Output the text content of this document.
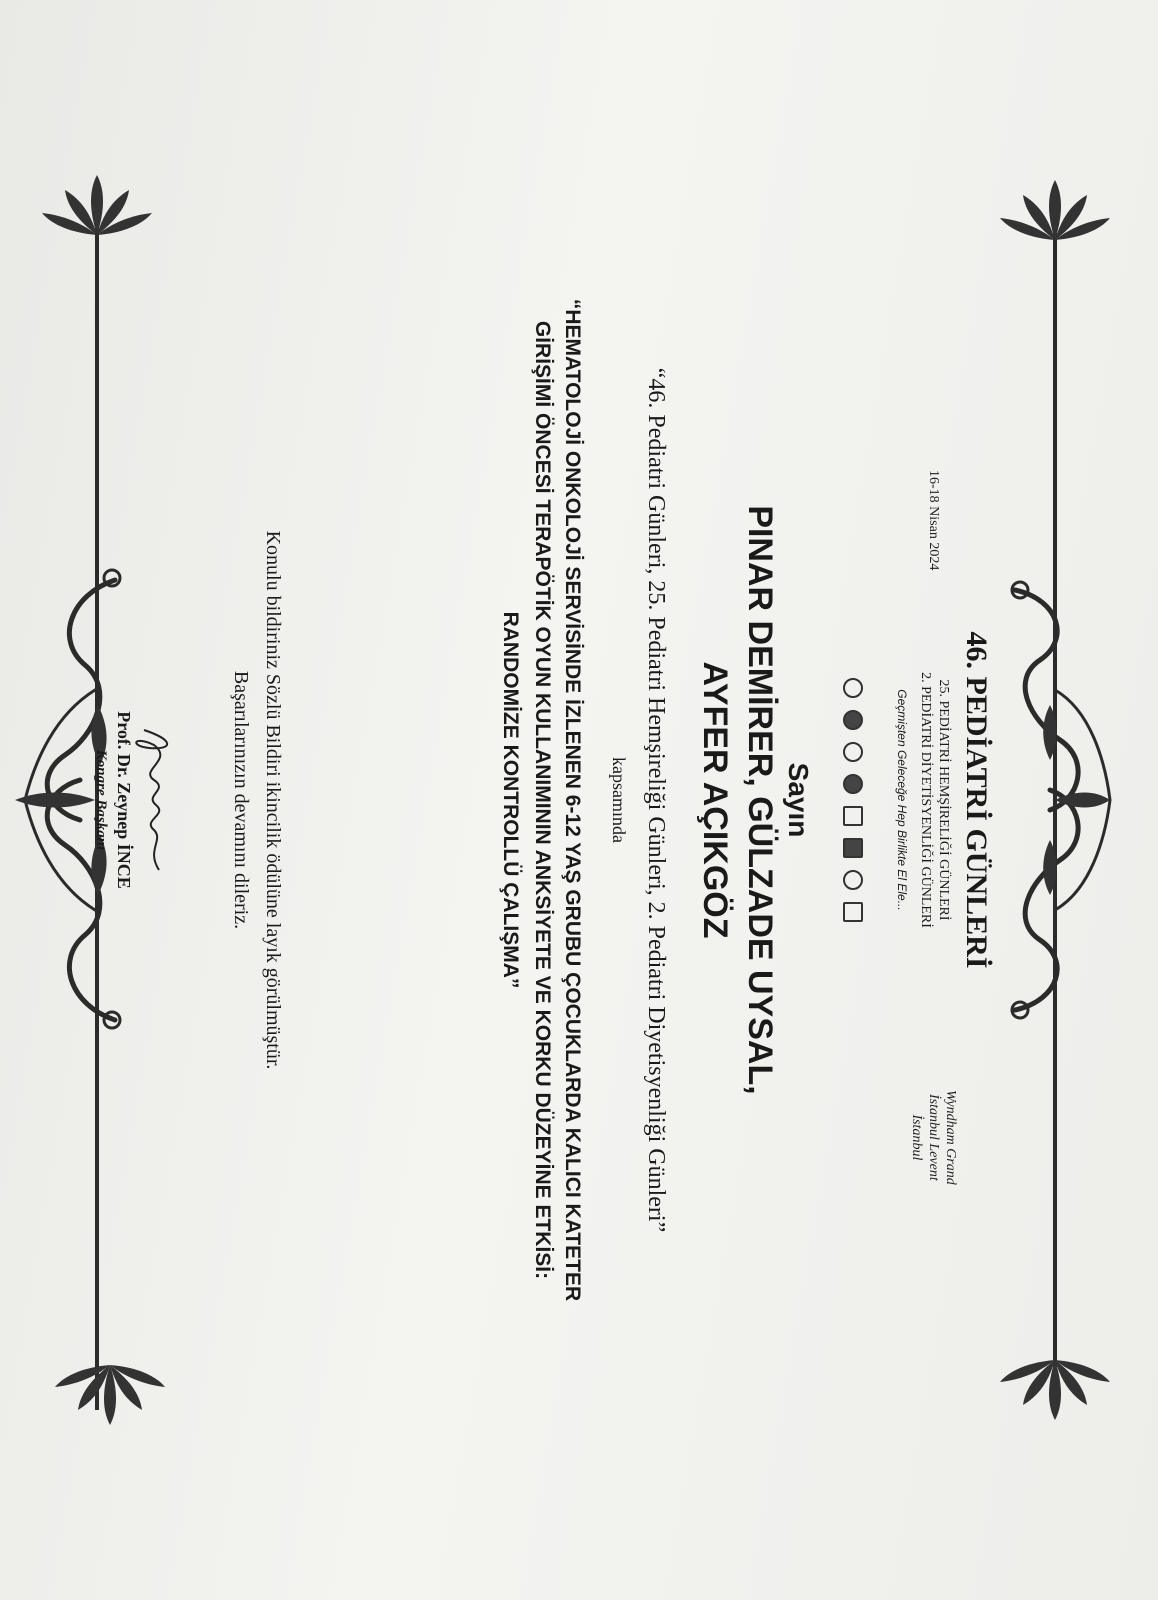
16-18 Nisan 2024
Wyndham Grand
İstanbul Levent
İstanbul
46. PEDİATRİ GÜNLERİ
25. PEDİATRİ HEMŞİRELİĞİ GÜNLERİ
2. PEDİATRİ DİYETİSYENLİĞİ GÜNLERİ
Geçmişten Geleceğe Hep Birlikte El Ele...

Sayın
PINAR DEMİRER, GÜLZADE UYSAL,
AYFER AÇIKGÖZ
“46. Pediatri Günleri, 25. Pediatri Hemşireliği Günleri, 2. Pediatri Diyetisyenliği Günleri”
kapsamında
“HEMATOLOJİ ONKOLOJİ SERVİSİNDE İZLENEN 6-12 YAŞ GRUBU ÇOCUKLARDA KALICI KATETER
GİRİŞİMİ ÖNCESİ TERAPÖTİK OYUN KULLANIMININ ANKSİYETE VE KORKU DÜZEYİNE ETKİSİ:
RANDOMİZE KONTROLLÜ ÇALIŞMA”
Konulu bildiriniz Sözlü Bildiri ikincilik ödülüne layık görülmüştür.
Başarılarınızın devamını dileriz.
Prof. Dr. Zeynep İNCE
Kongre Başkanı
